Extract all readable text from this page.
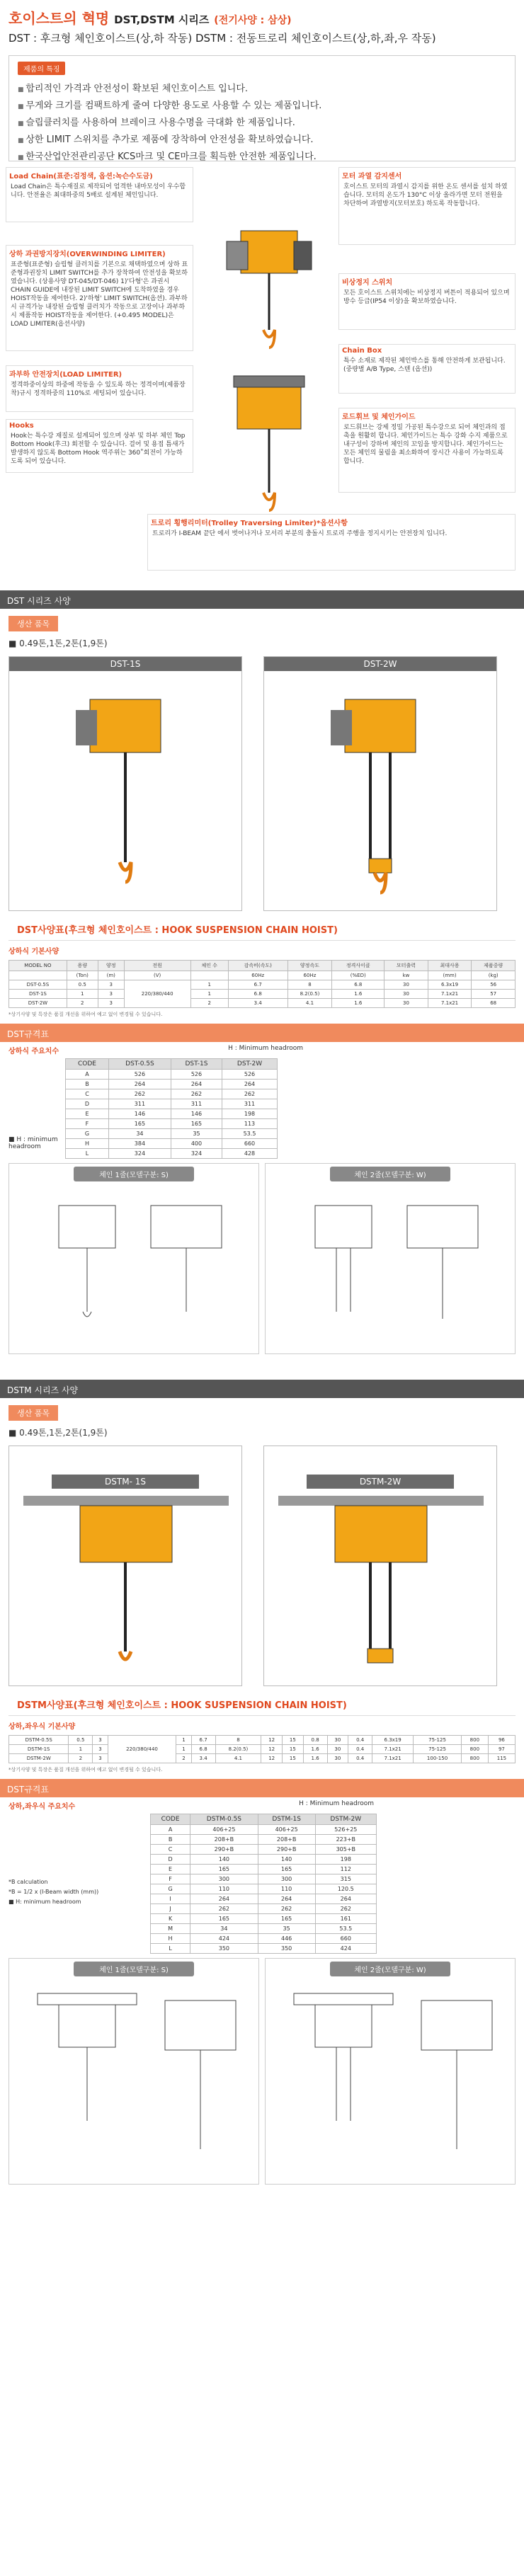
호이스트의 혁명 DST,DSTM 시리즈 (전기사양 : 삼상)
DST : 후크형 체인호이스트(상,하 작동) DSTM : 전동트로리 체인호이스트(상,하,좌,우 작동)
제품의 특징
■ 합리적인 가격과 안전성이 확보된 체인호이스트 입니다.
■ 무게와 크기를 컴팩트하게 줄여 다양한 용도로 사용할 수 있는 제품입니다.
■ 슬립클러치를 사용하여 브레이크 사용수명을 극대화 한 제품입니다.
■ 상한 LIMIT 스위치를 추가로 제품에 장착하여 안전성을 확보하였습니다.
■ 한국산업안전관리공단 KCS마크 및 CE마크를 획득한 안전한 제품입니다.
Load Chain(표준:검정색, 옵션:녹슨수도금)
Load Chain은 특수재질로 제작되어 엄격한 내마모성이 우수합니다. 안전율은 최대하중의 5배로 설계된 체인입니다.
상하 과권방지장치(OVERWINDING LIMITER)
표준형(표준형) 슬립형 클러치를 기본으로 채택하였으며 상하 표준형과권장치 LIMIT SWITCH를 추가 장착하여 안전성을 확보하였습니다. (상용사양 DT-045/DT-046) 1)'다형'은 과권시 CHAIN GUIDE에 내장된 LIMIT SWITCH에 도착하였을 경우 HOIST작동을 제어한다. 2)'하형' LIMIT SWITCH(옵션). 과부하시 규격가능 내장된 슬립형 클러치가 작동으로 고장이나 과부하시 제품작동 HOIST작동을 제어한다. (+0.495 MODEL)은 LOAD LIMITER(옵션사양)
과부하 안전장치(LOAD LIMITER)
정격하중이상의 하중에 작동을 수 있도록 하는 정격이며(제품장착)규시 정격하중의 110%로 세팅되어 있습니다.
Hooks
Hook는 특수강 재질로 설계되어 있으며 상부 및 하부 체인 Top Bottom Hook(후크) 회전할 수 있습니다. 걸어 및 용접 틈새가 발생하지 않도록 Bottom Hook 역주위는 360˚회전이 가능하도록 되어 있습니다.
모터 과열 감지센서
호이스트 모터의 과열시 감지를 위한 온도 센서를 설치 하였습니다. 모터의 온도가 130°C 이상 올라가면 모터 전원을 차단하여 과열방지(모터보호) 하도록 작동합니다.
비상정지 스위치
모든 호이스트 스위치에는 비상정지 버튼이 적용되어 있으며 방수 등급(IP54 이상)을 확보하였습니다.
Chain Box
특수 소재로 제작된 체인박스를 통해 안전하게 보관됩니다. (중량별 A/B Type, 스텐 (옵션))
로드휘브 및 체인가이드
로드휘브는 강제 정밀 가공된 특수강으로 되어 체인과의 접촉을 원활히 합니다. 체인가이드는 특수 강화 수지 제품으로 내구성이 강하며 체인의 꼬임을 방지합니다. 체인가이드는 모든 체인의 물림을 최소화하여 장시간 사용이 가능하도록 합니다.
트로리 횡행리미터(Trolley Traversing Limiter)*옵션사항
트로리가 I-BEAM 끝단 에서 벗어나거나 모서리 부분의 충돌시 트로리 주행을 정지시키는 안전장치 입니다.
DST 시리즈 사양
생산 품목
■ 0.49톤,1톤,2톤(1,9톤)
DST-1S	DST-2W
DST사양표(후크형 체인호이스트 : HOOK SUSPENSION CHAIN HOIST)
상하식 기본사양
MODEL NO	용량	양정	전원	체인 수	감속비(속도)	양정속도	정격사이클	모터출력	최대사용	제품중량
	(Ton)	(m)	(V)		60Hz	60Hz	(%ED)	kw	(mm)	(kg)
DST-0.5S	0.5	3	220/380/440	1	6.7	8	6.8	30	6.3x19	56
DST-1S	1	3		1	6.8	8.2(0.5)	1.6	30	7.1x21	57
DST-2W	2	3		2	3.4	4.1	1.6	30	7.1x21	68
*상기사양 및 특장은 품질 개선을 위하여 예고 없이 변경될 수 있습니다.
DST규격표
상하식 주요치수	H : Minimum headroom
■ H : minimum headroom
CODE	DST-0.5S	DST-1S	DST-2W
A	526	526	526
B	264	264	264
C	262	262	262
D	311	311	311
E	146	146	198
F	165	165	113
G	34	35	53.5
H	384	400	660
L	324	324	428
체인 1줄(모델구분: S)	체인 2줄(모델구분: W)
DSTM 시리즈 사양
생산 품목
■ 0.49톤,1톤,2톤(1,9톤)
DSTM- 1S	DSTM-2W
DSTM사양표(후크형 체인호이스트 : HOOK SUSPENSION CHAIN HOIST)
상하,좌우식 기본사양
DSTM-0.5S	0.5	3	220/380/440	1	6.7	8	12	15	0.8	30	0.4	6.3x19	75-125	800	96
DSTM-1S	1	3		1	6.8	8.2(0.5)	12	15	1.6	30	0.4	7.1x21	75-125	800	97
DSTM-2W	2	3		2	3.4	4.1	12	15	1.6	30	0.4	7.1x21	100-150	800	115
*상기사양 및 특장은 품질 개선을 위하여 예고 없이 변경될 수 있습니다.
DST규격표
상하,좌우식 주요치수	H : Minimum headroom
*B calculation
*B = 1/2 x (I-Beam width (mm))
■ H: minimum headroom
CODE	DSTM-0.5S	DSTM-1S	DSTM-2W
A	406+25	406+25	526+25
B	208+B	208+B	223+B
C	290+B	290+B	305+B
D	140	140	198
E	165	165	112
F	300	300	315
G	110	110	120.5
I	264	264	264
J	262	262	262
K	165	165	161
M	34	35	53.5
H	424	446	660
L	350	350	424
체인 1줄(모델구분: S)	체인 2줄(모델구분: W)
